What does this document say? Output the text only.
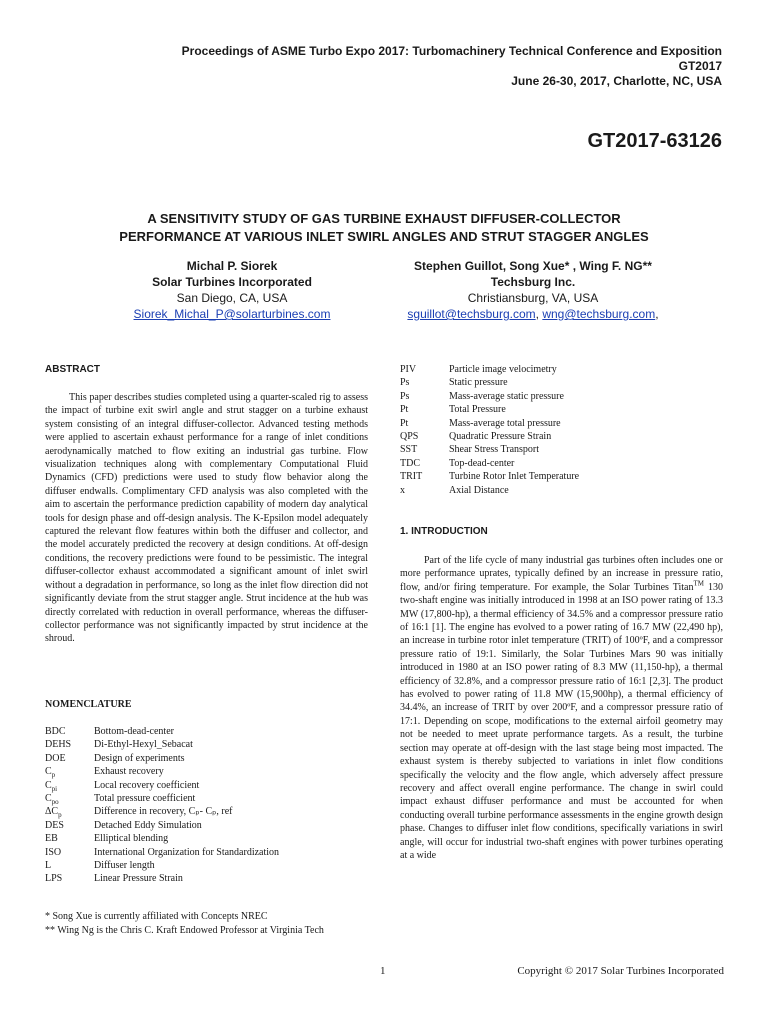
Proceedings of ASME Turbo Expo 2017: Turbomachinery Technical Conference and Exposition
GT2017
June 26-30, 2017, Charlotte, NC, USA
GT2017-63126
A SENSITIVITY STUDY OF GAS TURBINE EXHAUST DIFFUSER-COLLECTOR
PERFORMANCE AT VARIOUS INLET SWIRL ANGLES AND STRUT STAGGER ANGLES
Michal P. Siorek
Solar Turbines Incorporated
San Diego, CA, USA
Siorek_Michal_P@solarturbines.com
Stephen Guillot, Song Xue* , Wing F. NG**
Techsburg Inc.
Christiansburg, VA, USA
sguillot@techsburg.com, wng@techsburg.com,
ABSTRACT

This paper describes studies completed using a quarter-scaled rig to assess the impact of turbine exit swirl angle and strut stagger on a turbine exhaust system consisting of an integral diffuser-collector. Advanced testing methods were applied to ascertain exhaust performance for a range of inlet conditions aerodynamically matched to flow exiting an industrial gas turbine. Flow visualization techniques along with complementary Computational Fluid Dynamics (CFD) predictions were used to study flow behavior along the diffuser endwalls. Complimentary CFD analysis was also completed with the aim to ascertain the performance prediction capability of modern day analytical tools for design phase and off-design analysis. The K-Epsilon model adequately captured the relevant flow features within both the diffuser and collector, and the model accurately predicted the recovery at design conditions. At off-design conditions, the recovery predictions were found to be pessimistic. The integral diffuser-collector exhaust accommodated a significant amount of inlet swirl without a degradation in performance, so long as the inlet flow direction did not significantly deviate from the strut stagger angle. Strut incidence at the hub was directly correlated with reduction in overall performance, whereas the diffuser-collector performance was not significantly impacted by strut incidence at the shroud.

NOMENCLATURE
BDC	Bottom-dead-center
DEHS	Di-Ethyl-Hexyl_Sebacat
DOE	Design of experiments
$C_p$	Exhaust recovery
$C_{pi}$	Local recovery coefficient
$C_{po}$	Total pressure coefficient
$\Delta C_p$	Difference in recovery, Cₚ- Cₚ, ref
DES	Detached Eddy Simulation
EB	Elliptical blending
ISO	International Organization for Standardization
L	Diffuser length
LPS	Linear Pressure Strain
* Song Xue is currently affiliated with Concepts NREC
** Wing Ng is the Chris C. Kraft Endowed Professor at Virginia Tech
PIV	Particle image velocimetry
Ps	Static pressure
Ps	Mass-average static pressure
Pt	Total Pressure
Pt	Mass-average total pressure
QPS	Quadratic Pressure Strain
SST	Shear Stress Transport
TDC	Top-dead-center
TRIT	Turbine Rotor Inlet Temperature
x	Axial Distance
1. INTRODUCTION

Part of the life cycle of many industrial gas turbines often includes one or more performance uprates, typically defined by an increase in pressure ratio, flow, and/or firing temperature. For example, the Solar Turbines Titan™ 130 two-shaft engine was initially introduced in 1998 at an ISO power rating of 13.3 MW (17,800-hp), a thermal efficiency of 34.5% and a compressor pressure ratio of 16:1 [1]. The engine has evolved to a power rating of 16.7 MW (22,490 hp), an increase in turbine rotor inlet temperature (TRIT) of 100ºF, and a compressor pressure ratio of 19:1. Similarly, the Solar Turbines Mars 90 was initially introduced in 1980 at an ISO power rating of 8.3 MW (11,150-hp), a thermal efficiency of 32.8%, and a compressor pressure ratio of 16:1 [2,3]. The product has evolved to power rating of 11.8 MW (15,900hp), a thermal efficiency of 34.4%, an increase of TRIT by over 200ºF, and a compressor pressure ratio of 17:1. Depending on scope, modifications to the external airfoil geometry may not be needed to meet uprate performance targets. As a result, the turbine section may operate at off-design with the last stage being most impacted. The exhaust system is thereby subjected to variations in inlet flow conditions specifically the velocity and the flow angle, which adversely affect pressure recovery and affect overall engine performance. The change in swirl could impact exhaust diffuser performance and must be accounted for when conducting overall turbine performance assessments in the engine growth design phase. Changes to diffuser inlet flow conditions, specifically variations in swirl angle, will occur for industrial two-shaft engines with power turbines operating at a wide

1	Copyright © 2017 Solar Turbines Incorporated
